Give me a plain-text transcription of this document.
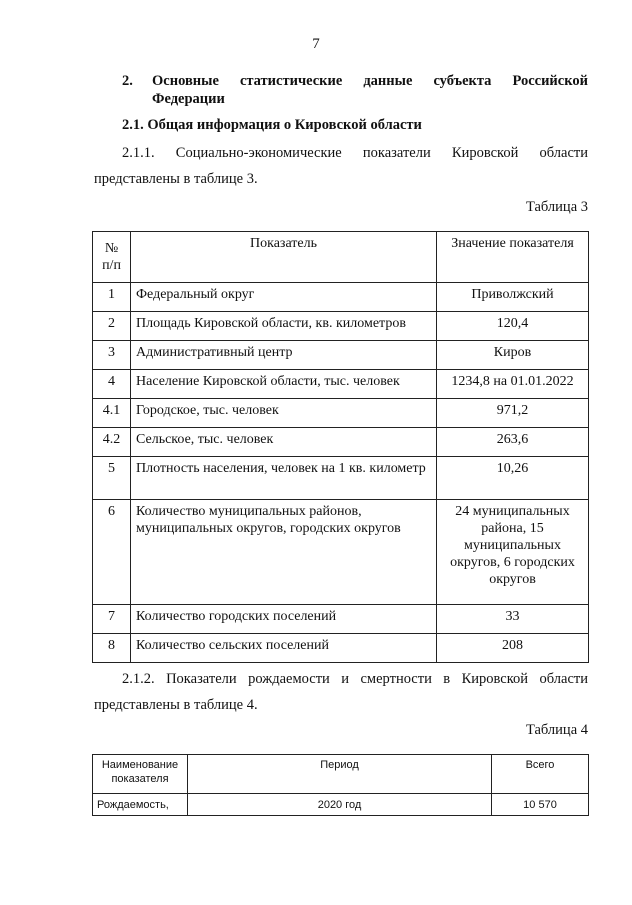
7
2. Основные статистические данные субъекта Российской
Федерации
2.1. Общая информация о Кировской области
2.1.1. Социально-экономические показатели Кировской области
представлены в таблице 3.
Таблица 3
№ п/п	Показатель	Значение показателя
1	Федеральный округ	Приволжский
2	Площадь Кировской области, кв. километров	120,4
3	Административный центр	Киров
4	Население Кировской области, тыс. человек	1234,8 на 01.01.2022
4.1	Городское, тыс. человек	971,2
4.2	Сельское, тыс. человек	263,6
5	Плотность населения, человек на 1 кв. километр	10,26
6	Количество муниципальных районов, муниципальных округов, городских округов	24 муниципальных района, 15 муниципальных округов, 6 городских округов
7	Количество городских поселений	33
8	Количество сельских поселений	208
2.1.2. Показатели рождаемости и смертности в Кировской области
представлены в таблице 4.
Таблица 4
Наименование показателя	Период	Всего
Рождаемость,	2020 год	10 570
